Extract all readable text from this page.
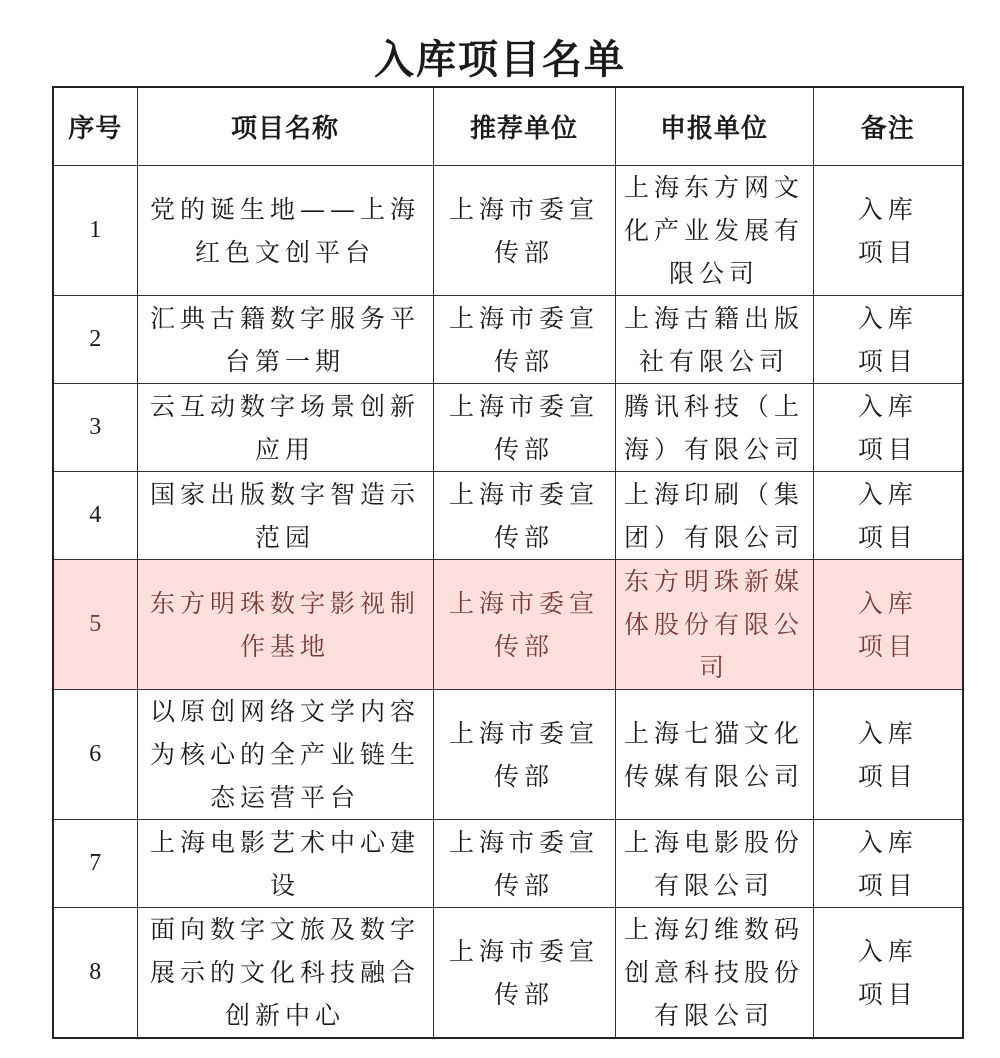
入库项目名单
序号	项目名称	推荐单位	申报单位	备注
1	党的诞生地——上海红色文创平台	上海市委宣传部	上海东方网文化产业发展有限公司	入库项目
2	汇典古籍数字服务平台第一期	上海市委宣传部	上海古籍出版社有限公司	入库项目
3	云互动数字场景创新应用	上海市委宣传部	腾讯科技（上海）有限公司	入库项目
4	国家出版数字智造示范园	上海市委宣传部	上海印刷（集团）有限公司	入库项目
5	东方明珠数字影视制作基地	上海市委宣传部	东方明珠新媒体股份有限公司	入库项目
6	以原创网络文学内容为核心的全产业链生态运营平台	上海市委宣传部	上海七猫文化传媒有限公司	入库项目
7	上海电影艺术中心建设	上海市委宣传部	上海电影股份有限公司	入库项目
8	面向数字文旅及数字展示的文化科技融合创新中心	上海市委宣传部	上海幻维数码创意科技股份有限公司	入库项目
